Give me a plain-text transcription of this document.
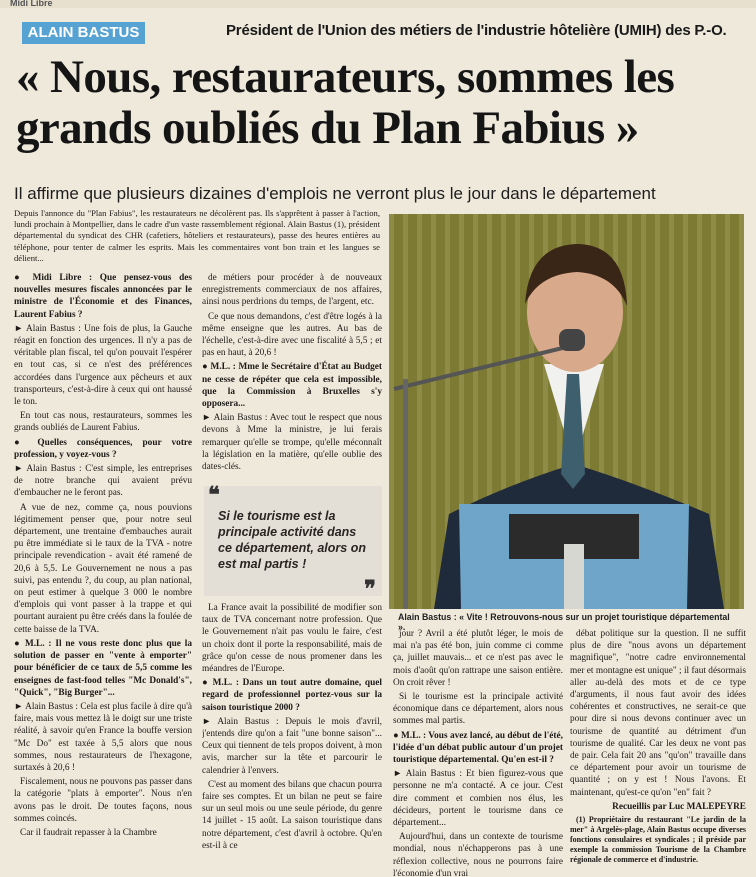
Midi Libre
ALAIN BASTUS	Président de l'Union des métiers de l'industrie hôtelière (UMIH) des P.-O.
« Nous, restaurateurs, sommes les grands oubliés du Plan Fabius »
Il affirme que plusieurs dizaines d'emplois ne verront plus le jour dans le département
Depuis l'annonce du "Plan Fabius", les restaurateurs ne décolèrent pas. Ils s'apprêtent à passer à l'action, lundi prochain à Montpellier, dans le cadre d'un vaste rassemblement régional. Alain Bastus (1), président départemental du syndicat des CHR (cafetiers, hôteliers et restaurateurs), passe des heures entières au téléphone, pour tenter de calmer les esprits. Mais les commentaires vont bon train et les langues se délient...

● Midi Libre : Que pensez-vous des nouvelles mesures fiscales annoncées par le ministre de l'Économie et des Finances, Laurent Fabius ?

► Alain Bastus : Une fois de plus, la Gauche réagit en fonction des urgences. Il n'y a pas de véritable plan fiscal, tel qu'on pouvait l'espérer en tout cas, si ce n'est des préférences accordées dans l'urgence aux pêcheurs et aux transporteurs, c'est-à-dire à ceux qui ont haussé le ton.

En tout cas nous, restaurateurs, sommes les grands oubliés de Laurent Fabius.

● Quelles conséquences, pour votre profession, y voyez-vous ?

► Alain Bastus : C'est simple, les entreprises de notre branche qui avaient prévu d'embaucher ne le feront pas.

A vue de nez, comme ça, nous pouvions légitimement penser que, pour notre seul département, une trentaine d'embauches aurait pu être immédiate si le taux de la TVA - notre principale revendication - avait été ramené de 20,6 à 5,5. Le Gouvernement ne nous a pas suivi, pas entendu ?, du coup, au plan national, on peut estimer à quelque 3 000 le nombre d'emplois qui vont passer à la trappe et qui pourtant auraient pu être créés dans la foulée de cette baisse de la TVA.

● M.L. : Il ne vous reste donc plus que la solution de passer en "vente à emporter" pour bénéficier de ce taux de 5,5 comme les enseignes de fast-food telles "Mc Donald's", "Quick", "Big Burger"...

► Alain Bastus : Cela est plus facile à dire qu'à faire, mais vous mettez là le doigt sur une triste réalité, à savoir qu'en France la bouffe version "Mc Do" est taxée à 5,5 alors que nous sommes, nous restaurateurs de l'hexagone, surtaxés à 20,6 !

Fiscalement, nous ne pouvons pas passer dans la catégorie "plats à emporter". Nous n'en avons pas le droit. De toutes façons, nous sommes coincés.

Car il faudrait repasser à la Chambre

de métiers pour procéder à de nouveaux enregistrements commerciaux de nos affaires, ainsi nous perdrions du temps, de l'argent, etc.

Ce que nous demandons, c'est d'être logés à la même enseigne que les autres. Au bas de l'échelle, c'est-à-dire avec une fiscalité à 5,5 ; et pas en haut, à 20,6 !

● M.L. : Mme le Secrétaire d'État au Budget ne cesse de répéter que cela est impossible, que la Commission à Bruxelles s'y opposera...

► Alain Bastus : Avec tout le respect que nous devons à Mme la ministre, je lui ferais remarquer qu'elle se trompe, qu'elle méconnaît la législation en la matière, qu'elle oublie des dates-clés.

❝
Si le tourisme est la principale activité dans ce département, alors on est mal partis !
❞

La France avait la possibilité de modifier son taux de TVA concernant notre profession. Que le Gouvernement n'ait pas voulu le faire, c'est un choix dont il porte la responsabilité, mais de grâce qu'on cesse de nous promener dans les méandres de l'Europe.

● M.L. : Dans un tout autre domaine, quel regard de professionnel portez-vous sur la saison touristique 2000 ?

► Alain Bastus : Depuis le mois d'avril, j'entends dire qu'on a fait "une bonne saison"... Ceux qui tiennent de tels propos doivent, à mon avis, marcher sur la tête et parcourir le calendrier à l'envers.

C'est au moment des bilans que chacun pourra faire ses comptes. Et un bilan ne peut se faire sur un seul mois ou une seule période, du genre 14 juillet - 15 août. La saison touristique dans notre département, c'est d'avril à octobre. Qu'en est-il à ce

Alain Bastus : « Vite ! Retrouvons-nous sur un projet touristique départemental ».

jour ? Avril a été plutôt léger, le mois de mai n'a pas été bon, juin comme ci comme ça, juillet mauvais... et ce n'est pas avec le mois d'août qu'on rattrape une saison entière. On croit rêver !

Si le tourisme est la principale activité économique dans ce département, alors nous sommes mal partis.

● M.L. : Vous avez lancé, au début de l'été, l'idée d'un débat public autour d'un projet touristique départemental. Qu'en est-il ?

► Alain Bastus : Et bien figurez-vous que personne ne m'a contacté. A ce jour. C'est dire comment et combien nos élus, les décideurs, portent le tourisme dans ce département...

Aujourd'hui, dans un contexte de tourisme mondial, nous n'échapperons pas à une réflexion collective, nous ne pourrons faire l'économie d'un vrai

débat politique sur la question. Il ne suffit plus de dire "nous avons un département magnifique", "notre cadre environnemental mer et montagne est unique" ; il faut désormais aller au-delà des mots et de ce type d'arguments, il nous faut avoir des idées cohérentes et constructives, ne serait-ce que pour dire si nous devons continuer avec un tourisme de quantité au détriment d'un tourisme de qualité. Car les deux ne vont pas de pair. Cela fait 20 ans "qu'on" travaille dans ce département pour avoir un tourisme de quantité ; on y est ! Nous l'avons. Et maintenant, qu'est-ce qu'on "en" fait ?

Recueillis par Luc MALEPEYRE

(1) Propriétaire du restaurant "Le jardin de la mer" à Argelès-plage, Alain Bastus occupe diverses fonctions consulaires et syndicales ; il préside par exemple la commission Tourisme de la Chambre régionale de commerce et d'industrie.
